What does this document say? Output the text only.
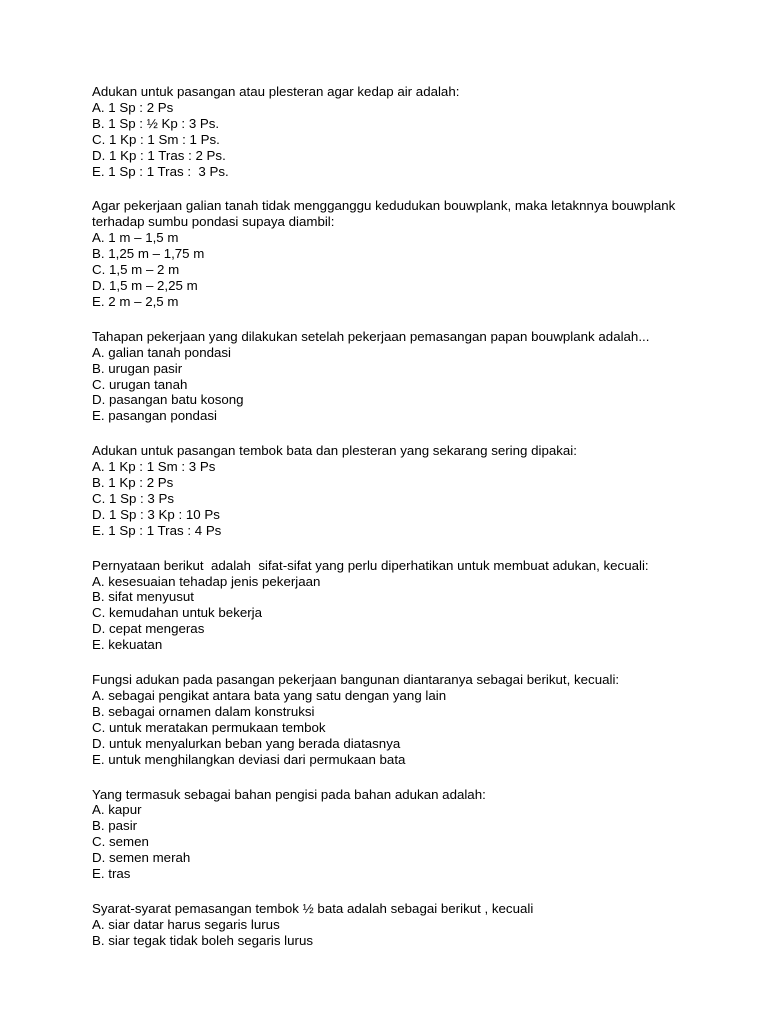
Adukan untuk pasangan atau plesteran agar kedap air adalah:

A. 1 Sp : 2 Ps
B. 1 Sp : ½ Kp : 3 Ps.
C. 1 Kp : 1 Sm : 1 Ps.
D. 1 Kp : 1 Tras : 2 Ps.
E. 1 Sp : 1 Tras :  3 Ps.

Agar pekerjaan galian tanah tidak mengganggu kedudukan bouwplank, maka letaknnya bouwplank terhadap sumbu pondasi supaya diambil:

A. 1 m – 1,5 m
B. 1,25 m – 1,75 m
C. 1,5 m – 2 m
D. 1,5 m – 2,25 m
E. 2 m – 2,5 m

Tahapan pekerjaan yang dilakukan setelah pekerjaan pemasangan papan bouwplank adalah...

A. galian tanah pondasi
B. urugan pasir
C. urugan tanah
D. pasangan batu kosong
E. pasangan pondasi

Adukan untuk pasangan tembok bata dan plesteran yang sekarang sering dipakai:

A. 1 Kp : 1 Sm : 3 Ps
B. 1 Kp : 2 Ps
C. 1 Sp : 3 Ps
D. 1 Sp : 3 Kp : 10 Ps
E. 1 Sp : 1 Tras : 4 Ps

Pernyataan berikut  adalah  sifat-sifat yang perlu diperhatikan untuk membuat adukan, kecuali:

A. kesesuaian tehadap jenis pekerjaan
B. sifat menyusut
C. kemudahan untuk bekerja
D. cepat mengeras
E. kekuatan

Fungsi adukan pada pasangan pekerjaan bangunan diantaranya sebagai berikut, kecuali:

A. sebagai pengikat antara bata yang satu dengan yang lain
B. sebagai ornamen dalam konstruksi
C. untuk meratakan permukaan tembok
D. untuk menyalurkan beban yang berada diatasnya
E. untuk menghilangkan deviasi dari permukaan bata

Yang termasuk sebagai bahan pengisi pada bahan adukan adalah:

A. kapur
B. pasir
C. semen
D. semen merah
E. tras

Syarat-syarat pemasangan tembok ½ bata adalah sebagai berikut , kecuali

A. siar datar harus segaris lurus
B. siar tegak tidak boleh segaris lurus
